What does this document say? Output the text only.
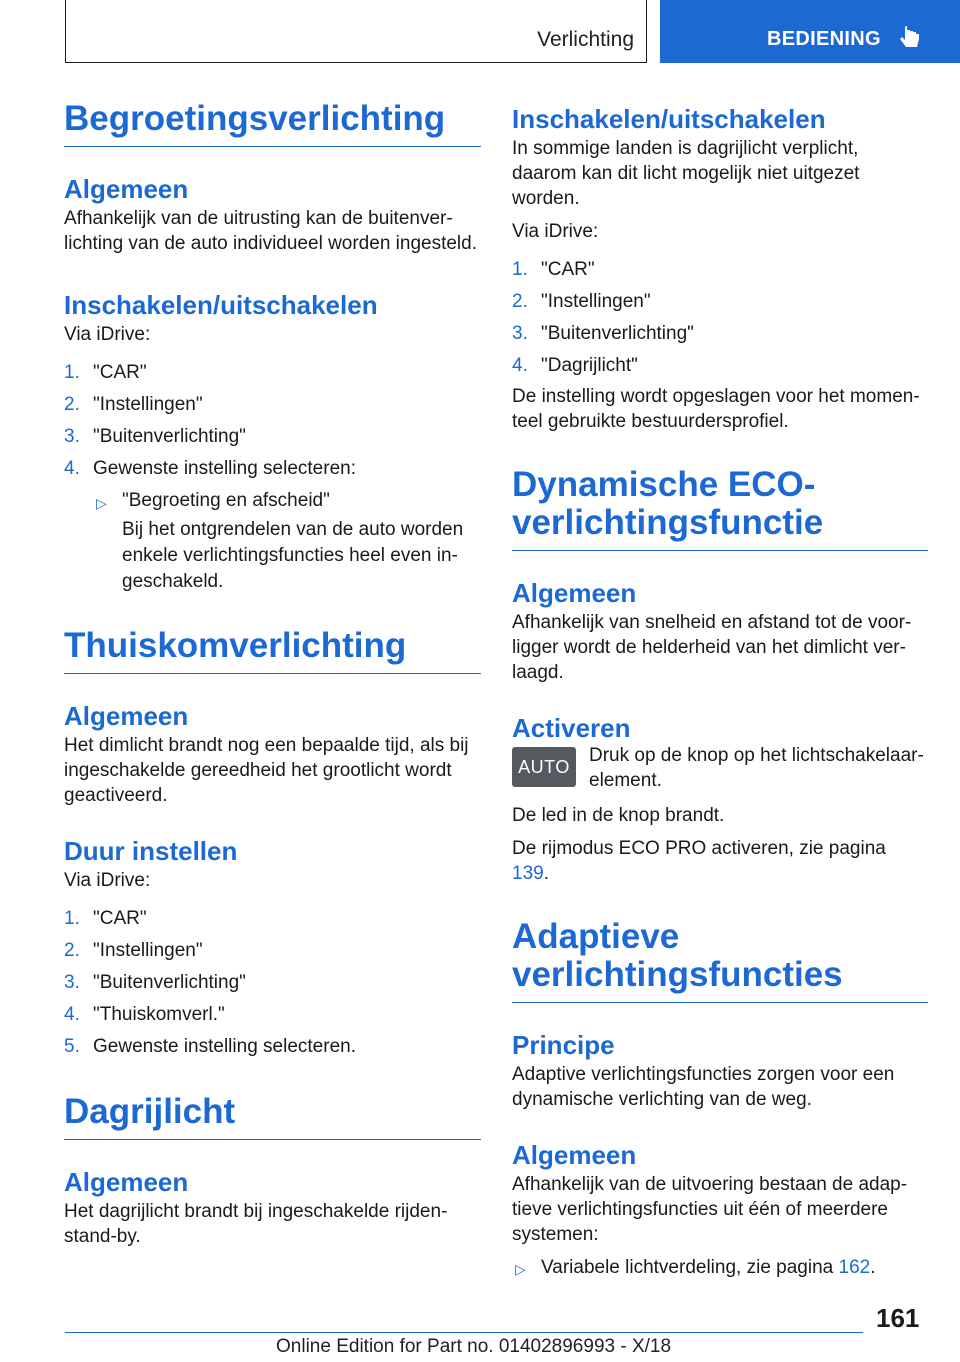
Verlichting	BEDIENING
Begroetingsverlichting
Algemeen

Afhankelijk van de uitrusting kan de buitenverlichting van de auto individueel worden ingesteld.

Inschakelen/uitschakelen

Via iDrive:

1. "CAR"
2. "Instellingen"
3. "Buitenverlichting"
4. Gewenste instelling selecteren:
▷ "Begroeting en afscheid"

Bij het ontgrendelen van de auto worden enkele verlichtingsfuncties heel even ingeschakeld.

Thuiskomverlichting
Algemeen

Het dimlicht brandt nog een bepaalde tijd, als bij ingeschakelde gereedheid het grootlicht wordt geactiveerd.

Duur instellen

Via iDrive:

1. "CAR"
2. "Instellingen"
3. "Buitenverlichting"
4. "Thuiskomverl."
5. Gewenste instelling selecteren.
Dagrijlicht
Algemeen

Het dagrijlicht brandt bij ingeschakelde rijdenstand-by.

Inschakelen/uitschakelen

In sommige landen is dagrijlicht verplicht, daarom kan dit licht mogelijk niet uitgezet worden.

Via iDrive:

1. "CAR"
2. "Instellingen"
3. "Buitenverlichting"
4. "Dagrijlicht"

De instelling wordt opgeslagen voor het momenteel gebruikte bestuurdersprofiel.

Dynamische ECO-
verlichtingsfunctie
Algemeen

Afhankelijk van snelheid en afstand tot de voorligger wordt de helderheid van het dimlicht verlaagd.

Activeren
AUTO

Druk op de knop op het lichtschakelaarelement.

De led in de knop brandt.

De rijmodus ECO PRO activeren, zie pagina 139.

Adaptieve
verlichtingsfuncties
Principe

Adaptive verlichtingsfuncties zorgen voor een dynamische verlichting van de weg.

Algemeen

Afhankelijk van de uitvoering bestaan de adaptieve verlichtingsfuncties uit één of meerdere systemen:

▷ Variabele lichtverdeling, zie pagina 162.
161
Online Edition for Part no. 01402896993 - X/18
